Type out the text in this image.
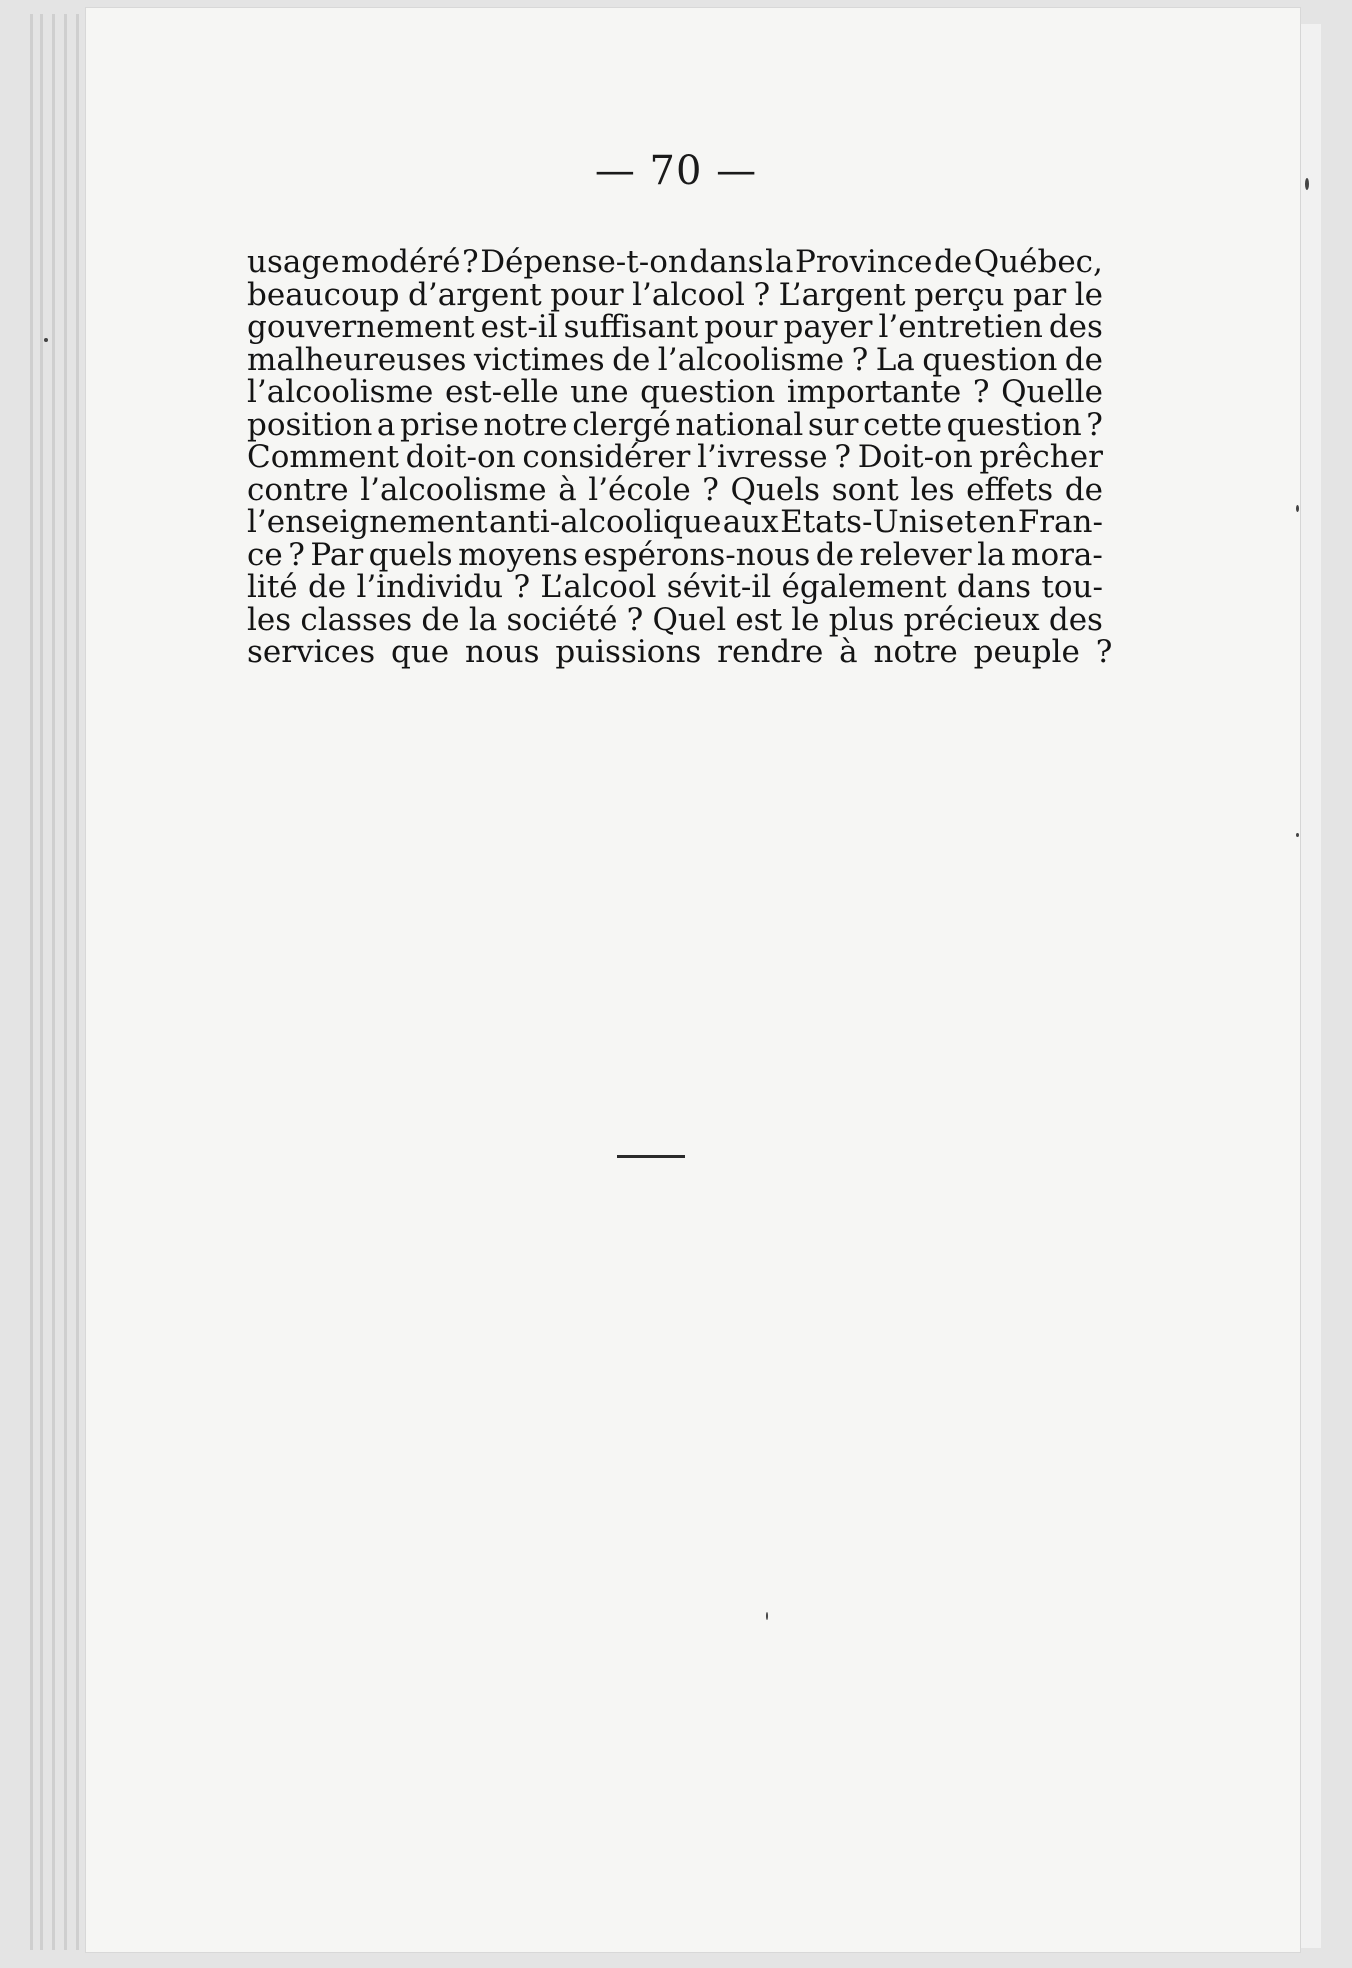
— 70 —
usage modéré ? Dépense-t-on dans la Province de Québec,
beaucoup d’argent pour l’alcool ? L’argent perçu par le
gouvernement est-il suffisant pour payer l’entretien des
malheureuses victimes de l’alcoolisme ? La question de
l’alcoolisme est-elle une question importante ? Quelle
position a prise notre clergé national sur cette question ?
Comment doit-on considérer l’ivresse ? Doit-on prêcher
contre l’alcoolisme à l’école ? Quels sont les effets de
l’enseignement anti-alcoolique aux Etats-Unis et en Fran-
ce ? Par quels moyens espérons-nous de relever la mora-
lité de l’individu ? L’alcool sévit-il également dans tou-
les classes de la société ? Quel est le plus précieux des
services que nous puissions rendre à notre peuple ?
